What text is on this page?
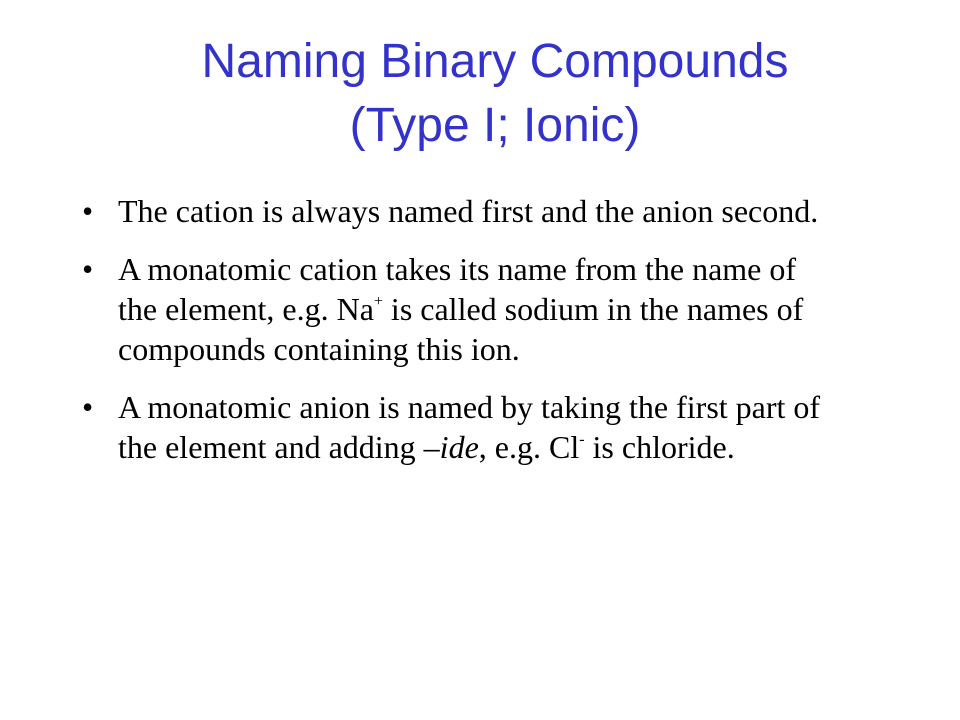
Naming Binary Compounds
(Type I; Ionic)
• The cation is always named first and the anion second.
• A monatomic cation takes its name from the name of the element, e.g. Na+ is called sodium in the names of compounds containing this ion.
• A monatomic anion is named by taking the first part of the element and adding –ide, e.g. Cl- is chloride.
